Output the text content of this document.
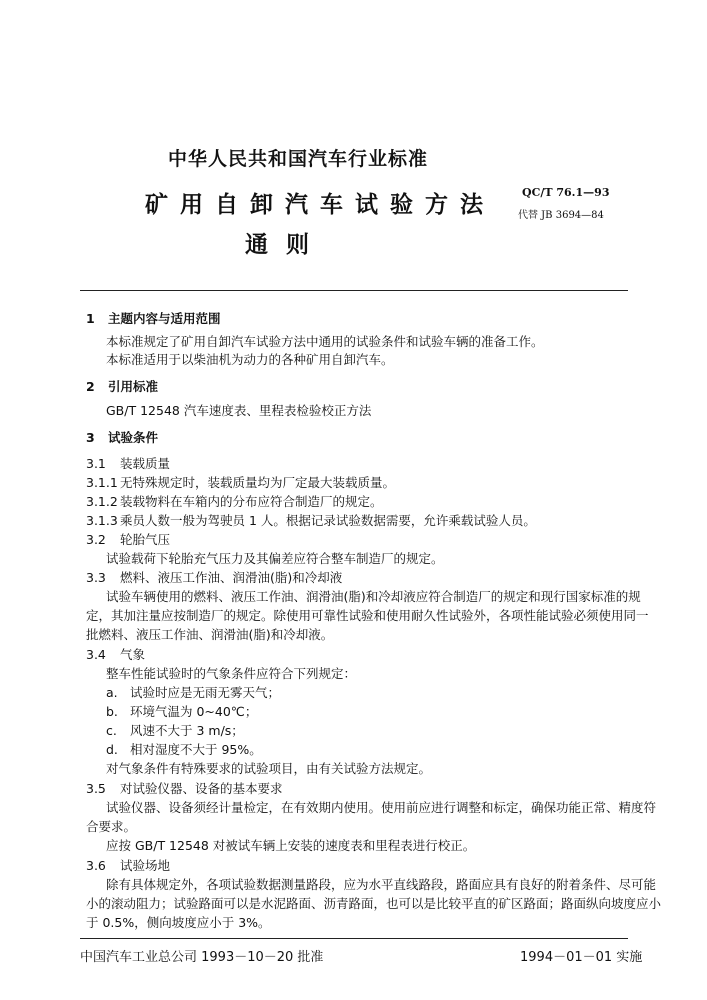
中华人民共和国汽车行业标准
矿用自卸汽车试验方法
通则
QC/T 76.1—93
代替 JB 3694—84
1 主题内容与适用范围
本标准规定了矿用自卸汽车试验方法中通用的试验条件和试验车辆的准备工作。
本标准适用于以柴油机为动力的各种矿用自卸汽车。
2 引用标准
GB/T 12548 汽车速度表、里程表检验校正方法
3 试验条件
3.1 装载质量
3.1.1 无特殊规定时，装载质量均为厂定最大装载质量。
3.1.2 装载物料在车箱内的分布应符合制造厂的规定。
3.1.3 乘员人数一般为驾驶员 1 人。根据记录试验数据需要，允许乘载试验人员。
3.2 轮胎气压
试验载荷下轮胎充气压力及其偏差应符合整车制造厂的规定。
3.3 燃料、液压工作油、润滑油(脂)和冷却液
试验车辆使用的燃料、液压工作油、润滑油(脂)和冷却液应符合制造厂的规定和现行国家标准的规
定，其加注量应按制造厂的规定。除使用可靠性试验和使用耐久性试验外，各项性能试验必须使用同一
批燃料、液压工作油、润滑油(脂)和冷却液。
3.4 气象
整车性能试验时的气象条件应符合下列规定：
a. 试验时应是无雨无雾天气；
b. 环境气温为 0~40℃；
c. 风速不大于 3 m/s；
d. 相对湿度不大于 95%。
对气象条件有特殊要求的试验项目，由有关试验方法规定。
3.5 对试验仪器、设备的基本要求
试验仪器、设备须经计量检定，在有效期内使用。使用前应进行调整和标定，确保功能正常、精度符
合要求。
应按 GB/T 12548 对被试车辆上安装的速度表和里程表进行校正。
3.6 试验场地
除有具体规定外，各项试验数据测量路段，应为水平直线路段，路面应具有良好的附着条件、尽可能
小的滚动阻力；试验路面可以是水泥路面、沥青路面，也可以是比较平直的矿区路面；路面纵向坡度应小
于 0.5%，侧向坡度应小于 3%。
中国汽车工业总公司 1993－10－20 批准	1994－01－01 实施
